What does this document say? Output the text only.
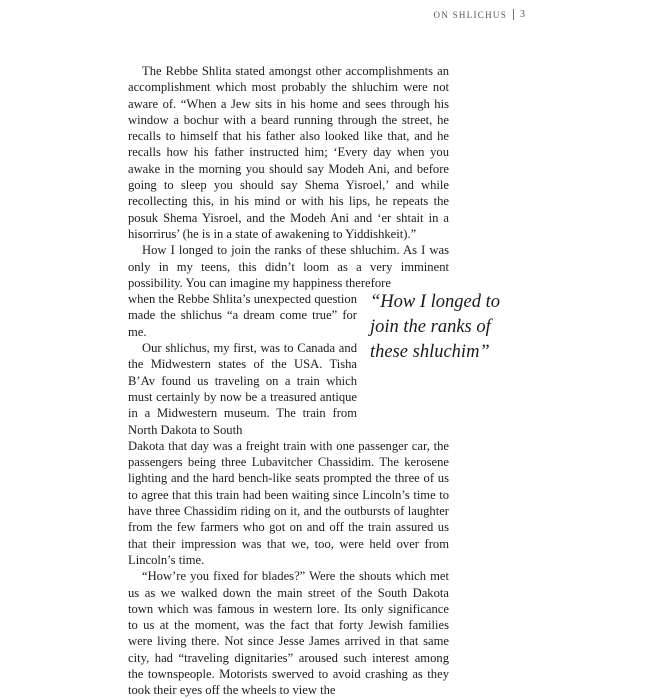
ON SHLICHUS 3

The Rebbe Shlita stated amongst other accomplishments an accomplishment which most probably the shluchim were not aware of. “When a Jew sits in his home and sees through his window a bochur with a beard running through the street, he recalls to himself that his father also looked like that, and he recalls how his father instructed him; ‘Every day when you awake in the morning you should say Modeh Ani, and before going to sleep you should say Shema Yisroel,’ and while recollecting this, in his mind or with his lips, he repeats the posuk Shema Yisroel, and the Modeh Ani and ‘er shtait in a hisorrirus’ (he is in a state of awakening to Yiddishkeit).”

How I longed to join the ranks of these shluchim. As I was only in my teens, this didn’t loom as a very imminent possibility. You can imagine my happiness therefore

when the Rebbe Shlita’s unexpected question made the shlichus “a dream come true” for me.

Our shlichus, my first, was to Canada and the Midwestern states of the USA. Tisha B’Av found us traveling on a train which must certainly by now be a treasured antique in a Midwestern museum. The train from North Dakota to South

Dakota that day was a freight train with one passenger car, the passengers being three Lubavitcher Chassidim. The kerosene lighting and the hard bench-like seats prompted the three of us to agree that this train had been waiting since Lincoln’s time to have three Chassidim riding on it, and the outbursts of laughter from the few farmers who got on and off the train assured us that their impression was that we, too, were held over from Lincoln’s time.

“How’re you fixed for blades?” Were the shouts which met us as we walked down the main street of the South Dakota town which was famous in western lore. Its only significance to us at the moment, was the fact that forty Jewish families were living there. Not since Jesse James arrived in that same city, had “traveling dignitaries” aroused such interest among the townspeople. Motorists swerved to avoid crashing as they took their eyes off the wheels to view the

“How I longed to join the ranks of these shluchim”
